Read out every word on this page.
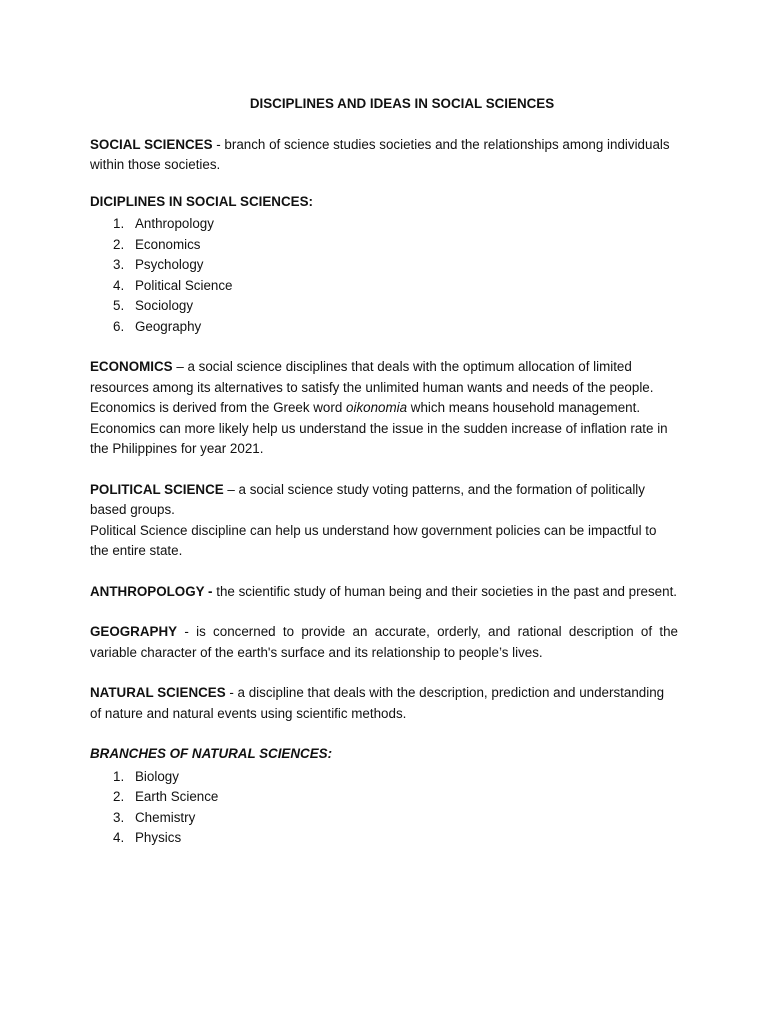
DISCIPLINES AND IDEAS IN SOCIAL SCIENCES

SOCIAL SCIENCES - branch of science studies societies and the relationships among individuals within those societies.

DICIPLINES IN SOCIAL SCIENCES:

1. Anthropology
2. Economics
3. Psychology
4. Political Science
5. Sociology
6. Geography

ECONOMICS – a social science disciplines that deals with the optimum allocation of limited resources among its alternatives to satisfy the unlimited human wants and needs of the people.

Economics is derived from the Greek word oikonomia which means household management.

Economics can more likely help us understand the issue in the sudden increase of inflation rate in the Philippines for year 2021.

POLITICAL SCIENCE – a social science study voting patterns, and the formation of politically based groups.

Political Science discipline can help us understand how government policies can be impactful to the entire state.

ANTHROPOLOGY - the scientific study of human being and their societies in the past and present.

GEOGRAPHY - is concerned to provide an accurate, orderly, and rational description of the variable character of the earth's surface and its relationship to people’s lives.

NATURAL SCIENCES - a discipline that deals with the description, prediction and understanding of nature and natural events using scientific methods.

BRANCHES OF NATURAL SCIENCES:

1. Biology
2. Earth Science
3. Chemistry
4. Physics
